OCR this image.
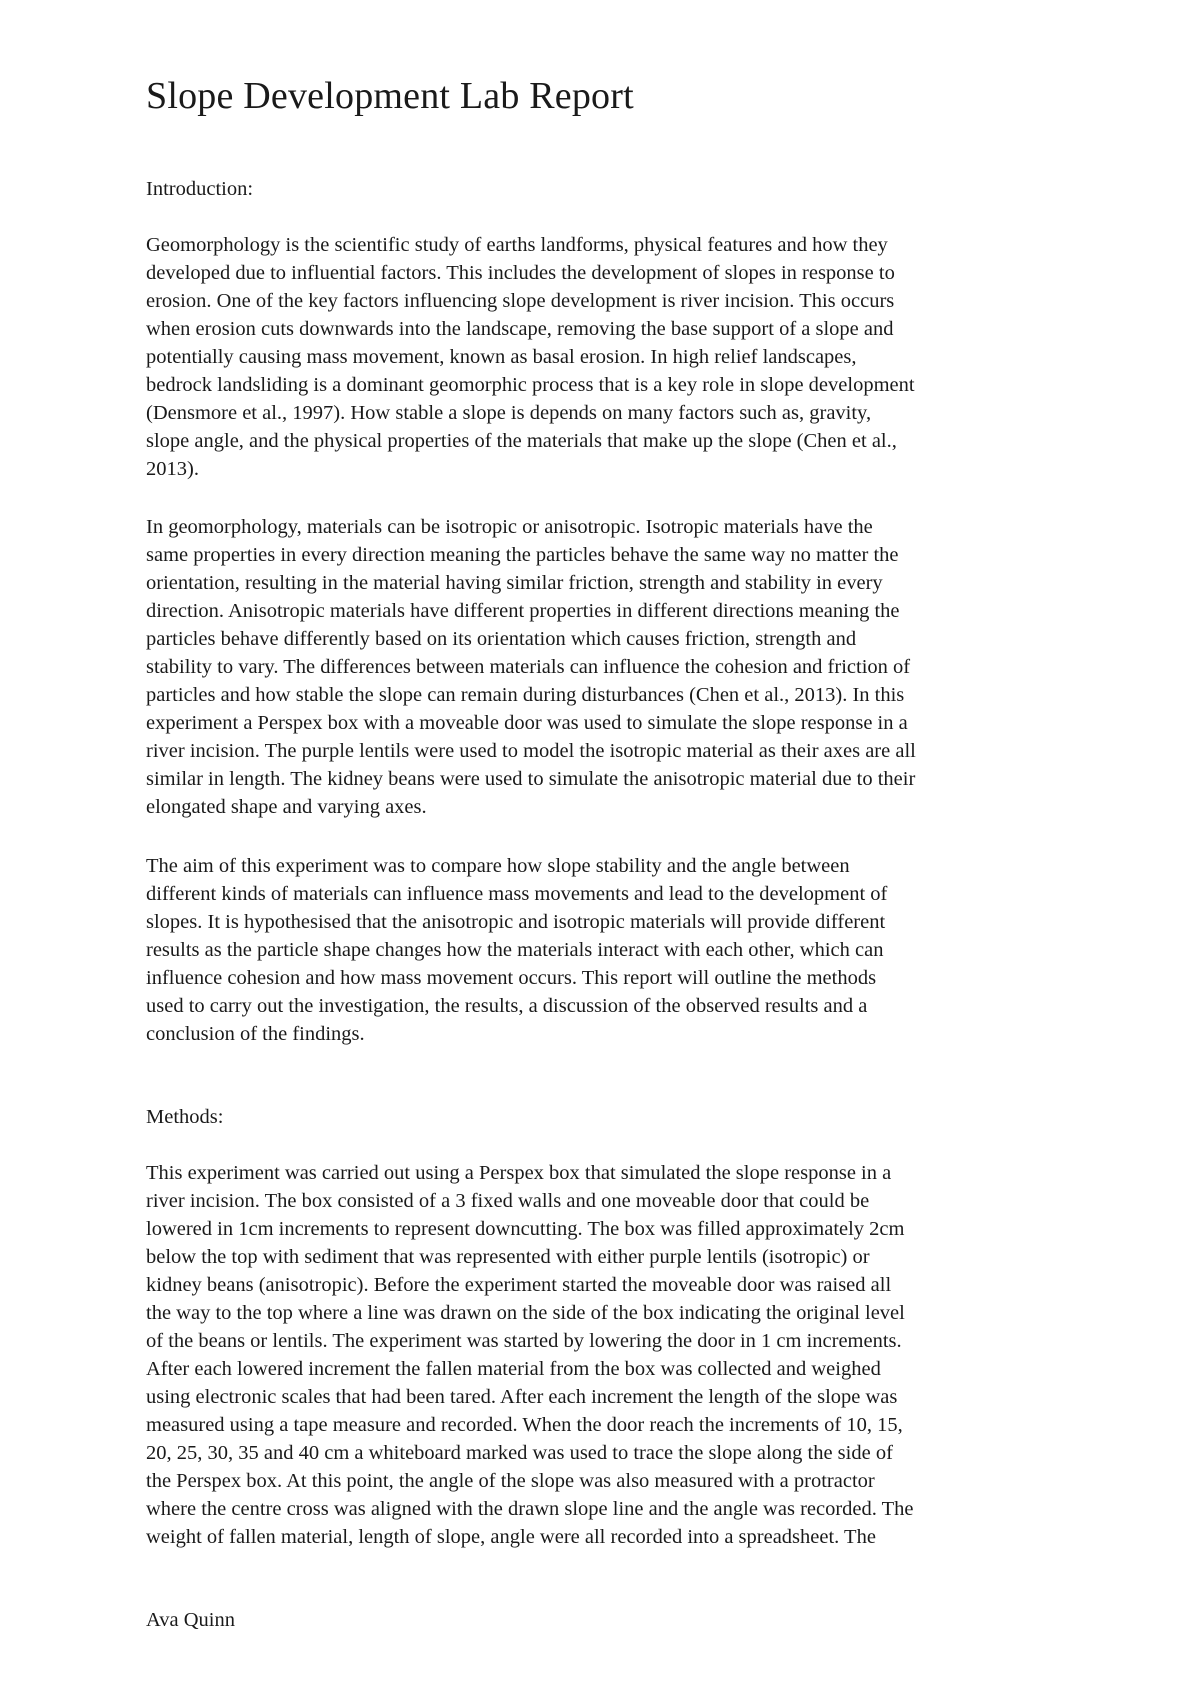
Slope Development Lab Report
Introduction:
Geomorphology is the scientific study of earths landforms, physical features and how they
developed due to influential factors. This includes the development of slopes in response to
erosion. One of the key factors influencing slope development is river incision. This occurs
when erosion cuts downwards into the landscape, removing the base support of a slope and
potentially causing mass movement, known as basal erosion. In high relief landscapes,
bedrock landsliding is a dominant geomorphic process that is a key role in slope development
(Densmore et al., 1997). How stable a slope is depends on many factors such as, gravity,
slope angle, and the physical properties of the materials that make up the slope (Chen et al.,
2013).
In geomorphology, materials can be isotropic or anisotropic. Isotropic materials have the
same properties in every direction meaning the particles behave the same way no matter the
orientation, resulting in the material having similar friction, strength and stability in every
direction. Anisotropic materials have different properties in different directions meaning the
particles behave differently based on its orientation which causes friction, strength and
stability to vary. The differences between materials can influence the cohesion and friction of
particles and how stable the slope can remain during disturbances (Chen et al., 2013). In this
experiment a Perspex box with a moveable door was used to simulate the slope response in a
river incision. The purple lentils were used to model the isotropic material as their axes are all
similar in length. The kidney beans were used to simulate the anisotropic material due to their
elongated shape and varying axes.
The aim of this experiment was to compare how slope stability and the angle between
different kinds of materials can influence mass movements and lead to the development of
slopes. It is hypothesised that the anisotropic and isotropic materials will provide different
results as the particle shape changes how the materials interact with each other, which can
influence cohesion and how mass movement occurs. This report will outline the methods
used to carry out the investigation, the results, a discussion of the observed results and a
conclusion of the findings.
Methods:
This experiment was carried out using a Perspex box that simulated the slope response in a
river incision. The box consisted of a 3 fixed walls and one moveable door that could be
lowered in 1cm increments to represent downcutting. The box was filled approximately 2cm
below the top with sediment that was represented with either purple lentils (isotropic) or
kidney beans (anisotropic). Before the experiment started the moveable door was raised all
the way to the top where a line was drawn on the side of the box indicating the original level
of the beans or lentils. The experiment was started by lowering the door in 1 cm increments.
After each lowered increment the fallen material from the box was collected and weighed
using electronic scales that had been tared. After each increment the length of the slope was
measured using a tape measure and recorded. When the door reach the increments of 10, 15,
20, 25, 30, 35 and 40 cm a whiteboard marked was used to trace the slope along the side of
the Perspex box. At this point, the angle of the slope was also measured with a protractor
where the centre cross was aligned with the drawn slope line and the angle was recorded. The
weight of fallen material, length of slope, angle were all recorded into a spreadsheet. The

Ava Quinn
